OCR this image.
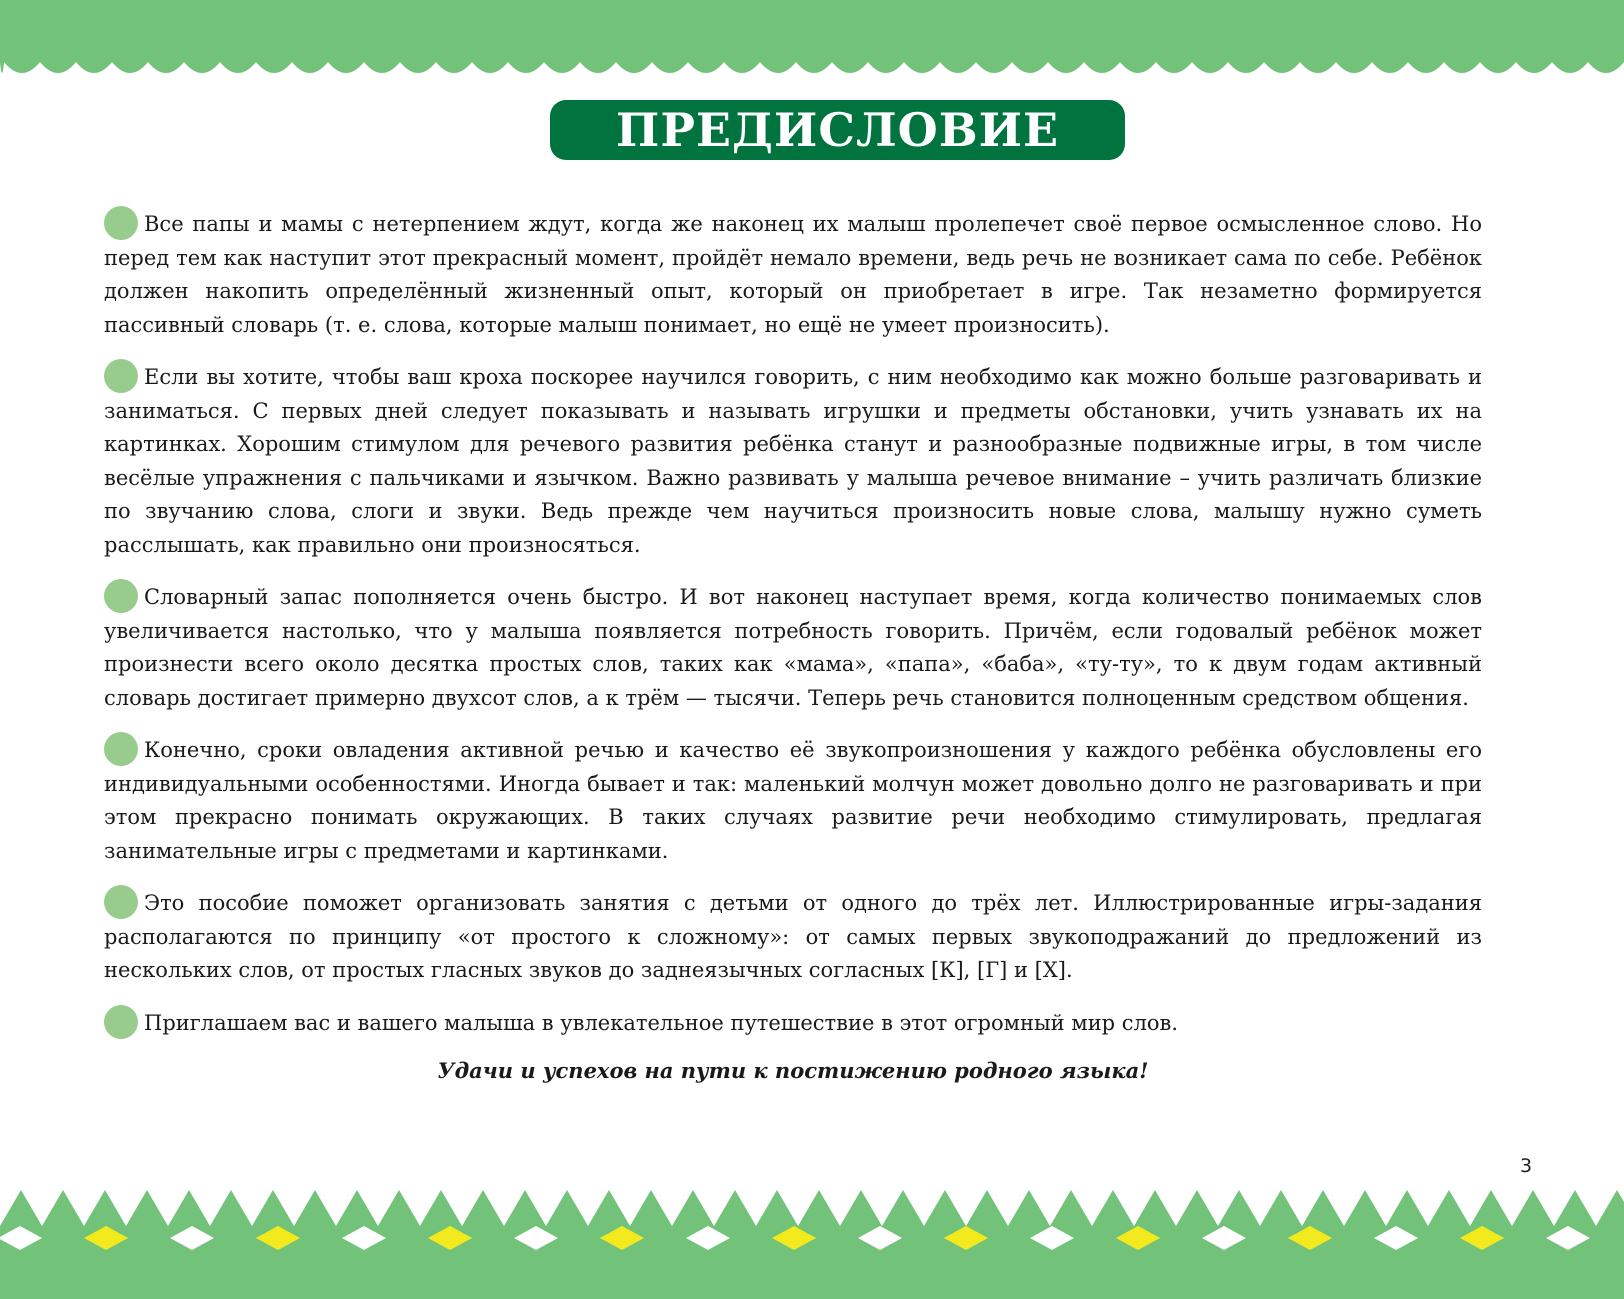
ПРЕДИСЛОВИЕ

Все папы и мамы с нетерпением ждут, когда же наконец их малыш пролепечет своё первое осмысленное слово. Но перед тем как наступит этот прекрасный момент, пройдёт немало времени, ведь речь не возникает сама по себе. Ребёнок должен накопить определённый жизненный опыт, который он приобретает в игре. Так незаметно формируется пассивный словарь (т. е. слова, которые малыш понимает, но ещё не умеет произносить).

Если вы хотите, чтобы ваш кроха поскорее научился говорить, с ним необходимо как можно больше разговаривать и заниматься. С первых дней следует показывать и называть игрушки и предметы обстановки, учить узнавать их на картинках. Хорошим стимулом для речевого развития ребёнка станут и разнообразные подвижные игры, в том числе весёлые упражнения с пальчиками и язычком. Важно развивать у малыша речевое внимание – учить различать близкие по звучанию слова, слоги и звуки. Ведь прежде чем научиться произносить новые слова, малышу нужно суметь расслышать, как правильно они произносяться.

Словарный запас пополняется очень быстро. И вот наконец наступает время, когда количество понимаемых слов увеличивается настолько, что у малыша появляется потребность говорить. Причём, если годовалый ребёнок может произнести всего около десятка простых слов, таких как «мама», «папа», «баба», «ту-ту», то к двум годам активный словарь достигает примерно двухсот слов, а к трём — тысячи. Теперь речь становится полноценным средством общения.

Конечно, сроки овладения активной речью и качество её звукопроизношения у каждого ребёнка обусловлены его индивидуальными особенностями. Иногда бывает и так: маленький молчун может довольно долго не разговаривать и при этом прекрасно понимать окружающих. В таких случаях развитие речи необходимо стимулировать, предлагая занимательные игры с предметами и картинками.

Это пособие поможет организовать занятия с детьми от одного до трёх лет. Иллюстрированные игры-задания располагаются по принципу «от простого к сложному»: от самых первых звукоподражаний до предложений из нескольких слов, от простых гласных звуков до заднеязычных согласных [К], [Г] и [Х].

Приглашаем вас и вашего малыша в увлекательное путешествие в этот огромный мир слов.

Удачи и успехов на пути к постижению родного языка!
3
